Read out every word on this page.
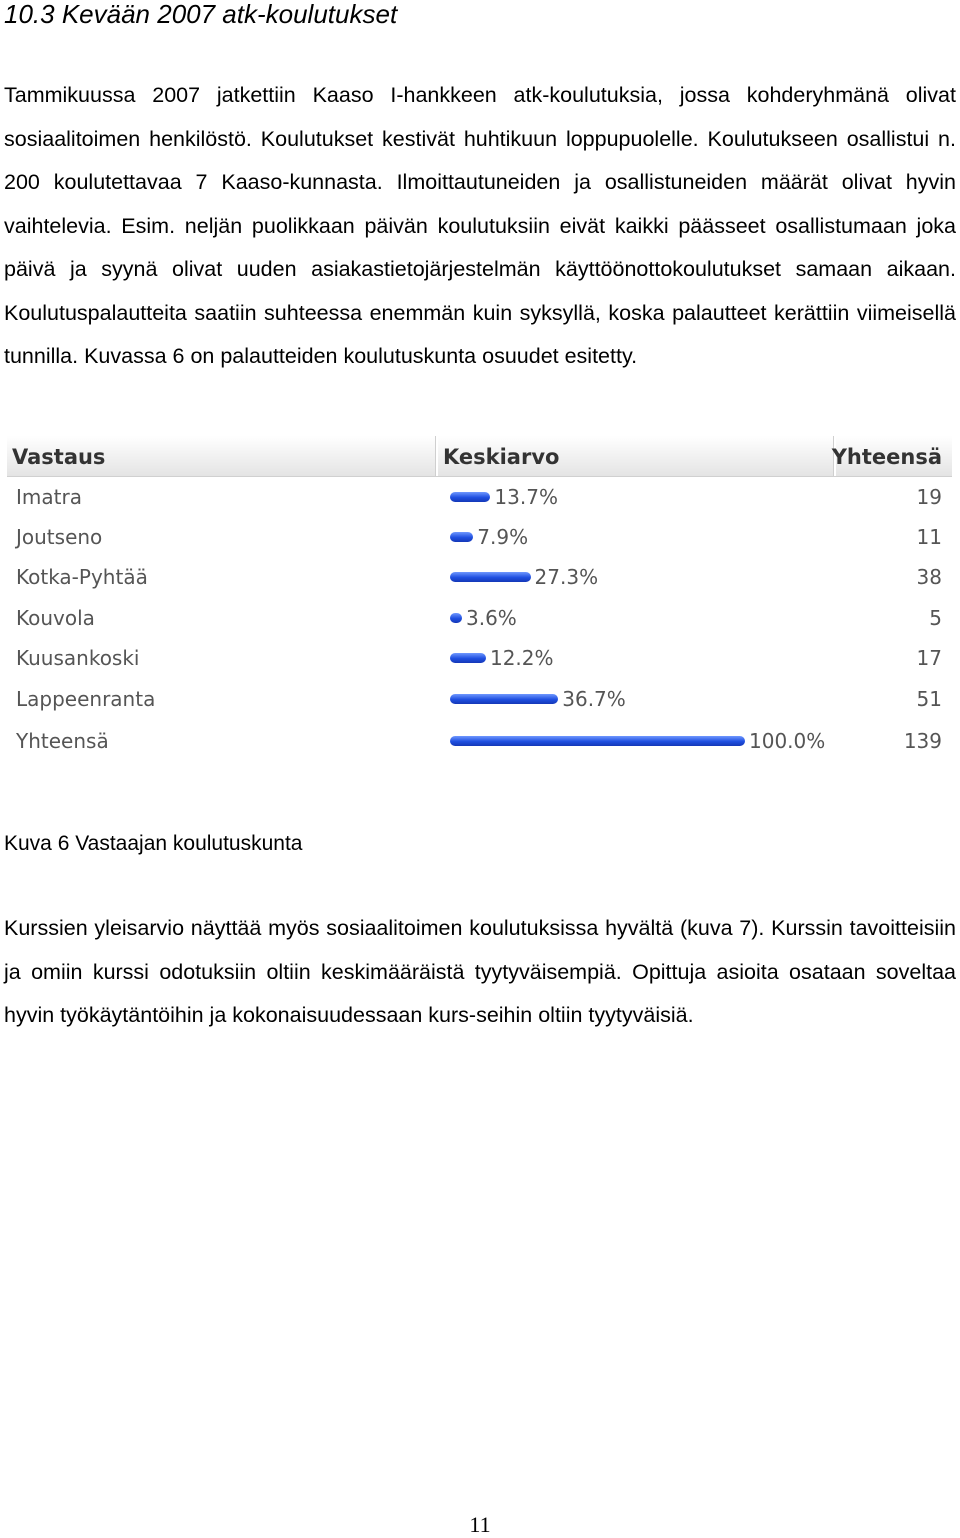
10.3 Kevään 2007 atk-koulutukset

Tammikuussa 2007 jatkettiin Kaaso I-hankkeen atk-koulutuksia, jossa kohderyhmänä olivat sosiaalitoimen henkilöstö. Koulutukset kestivät huhtikuun loppupuolelle. Koulutukseen osallistui n. 200 koulutettavaa 7 Kaaso-kunnasta. Ilmoittautuneiden ja osallistuneiden määrät olivat hyvin vaihtelevia. Esim. neljän puolikkaan päivän koulutuksiin eivät kaikki päässeet osallistumaan joka päivä ja syynä olivat uuden asiakastietojärjestelmän käyttöönottokoulutukset samaan aikaan. Koulutuspalautteita saatiin suhteessa enemmän kuin syksyllä, koska palautteet kerättiin viimeisellä tunnilla. Kuvassa 6 on palautteiden koulutuskunta osuudet esitetty.

Vastaus	Keskiarvo	Yhteensä
Imatra	13.7%	19
Joutseno	7.9%	11
Kotka-Pyhtää	27.3%	38
Kouvola	3.6%	5
Kuusankoski	12.2%	17
Lappeenranta	36.7%	51
Yhteensä	100.0%	139
Kuva 6 Vastaajan koulutuskunta

Kurssien yleisarvio näyttää myös sosiaalitoimen koulutuksissa hyvältä (kuva 7). Kurssin tavoitteisiin ja omiin kurssi odotuksiin oltiin keskimääräistä tyytyväisempiä. Opittuja asioita osataan soveltaa hyvin työkäytäntöihin ja kokonaisuudessaan kurs-seihin oltiin tyytyväisiä.

11
